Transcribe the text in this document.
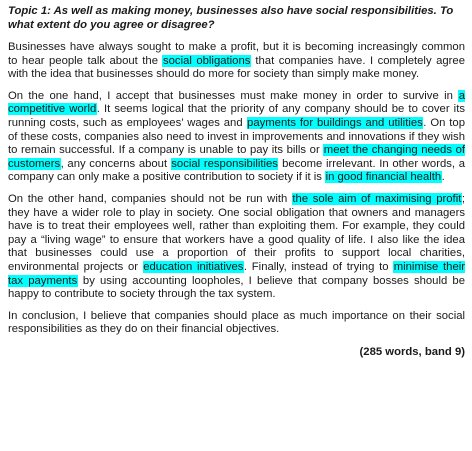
Topic 1: As well as making money, businesses also have social responsibilities. To what extent do you agree or disagree?

Businesses have always sought to make a profit, but it is becoming increasingly common to hear people talk about the social obligations that companies have. I completely agree with the idea that businesses should do more for society than simply make money.

On the one hand, I accept that businesses must make money in order to survive in a competitive world. It seems logical that the priority of any company should be to cover its running costs, such as employees’ wages and payments for buildings and utilities. On top of these costs, companies also need to invest in improvements and innovations if they wish to remain successful. If a company is unable to pay its bills or meet the changing needs of customers, any concerns about social responsibilities become irrelevant. In other words, a company can only make a positive contribution to society if it is in good financial health.

On the other hand, companies should not be run with the sole aim of maximising profit; they have a wider role to play in society. One social obligation that owners and managers have is to treat their employees well, rather than exploiting them. For example, they could pay a “living wage” to ensure that workers have a good quality of life. I also like the idea that businesses could use a proportion of their profits to support local charities, environmental projects or education initiatives. Finally, instead of trying to minimise their tax payments by using accounting loopholes, I believe that company bosses should be happy to contribute to society through the tax system.

In conclusion, I believe that companies should place as much importance on their social responsibilities as they do on their financial objectives.

(285 words, band 9)
